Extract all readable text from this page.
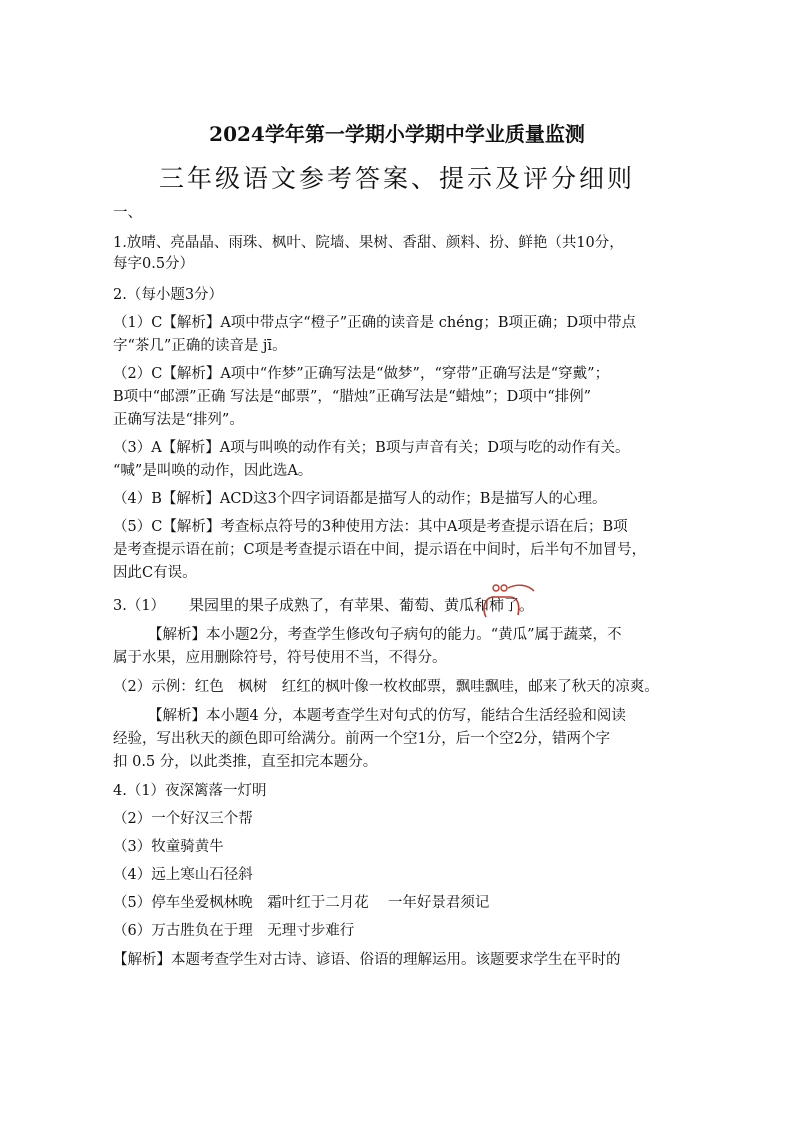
2024学年第一学期小学期中学业质量监测
三年级语文参考答案、提示及评分细则
一、
1.放晴、亮晶晶、雨珠、枫叶、院墙、果树、香甜、颜料、扮、鲜艳（共10分，
每字0.5分）
2.（每小题3分）
（1）C【解析】A项中带点字“橙子”正确的读音是 chéng；B项正确；D项中带点
字“茶几”正确的读音是 jī。
（2）C【解析】A项中“作梦”正确写法是“做梦”，“穿带”正确写法是“穿戴”；
B项中“邮漂”正确 写法是“邮票”，“腊烛”正确写法是“蜡烛”；D项中“排例”
正确写法是“排列”。
（3）A【解析】A项与叫唤的动作有关；B项与声音有关；D项与吃的动作有关。
“喊”是叫唤的动作，因此选A。
（4）B【解析】ACD这3个四字词语都是描写人的动作；B是描写人的心理。
（5）C【解析】考查标点符号的3种使用方法：其中A项是考查提示语在后；B项
是考查提示语在前；C项是考查提示语在中间，提示语在中间时，后半句不加冒号，
因此C有误。
3.（1） 果园里的果子成熟了，有苹果、葡萄、黄瓜和柿了。
【解析】本小题2分，考查学生修改句子病句的能力。“黄瓜”属于蔬菜，不
属于水果，应用删除符号，符号使用不当，不得分。
（2）示例：红色　枫树　红红的枫叶像一枚枚邮票，飘哇飘哇，邮来了秋天的凉爽。
【解析】本小题4 分，本题考查学生对句式的仿写，能结合生活经验和阅读
经验，写出秋天的颜色即可给满分。前两一个空1分，后一个空2分，错两个字
扣 0.5 分，以此类推，直至扣完本题分。
4.（1）夜深篱落一灯明
（2）一个好汉三个帮
（3）牧童骑黄牛
（4）远上寒山石径斜
（5）停车坐爱枫林晚　霜叶红于二月花　 一年好景君须记
（6）万古胜负在于理　无理寸步难行
【解析】本题考查学生对古诗、谚语、俗语的理解运用。该题要求学生在平时的
